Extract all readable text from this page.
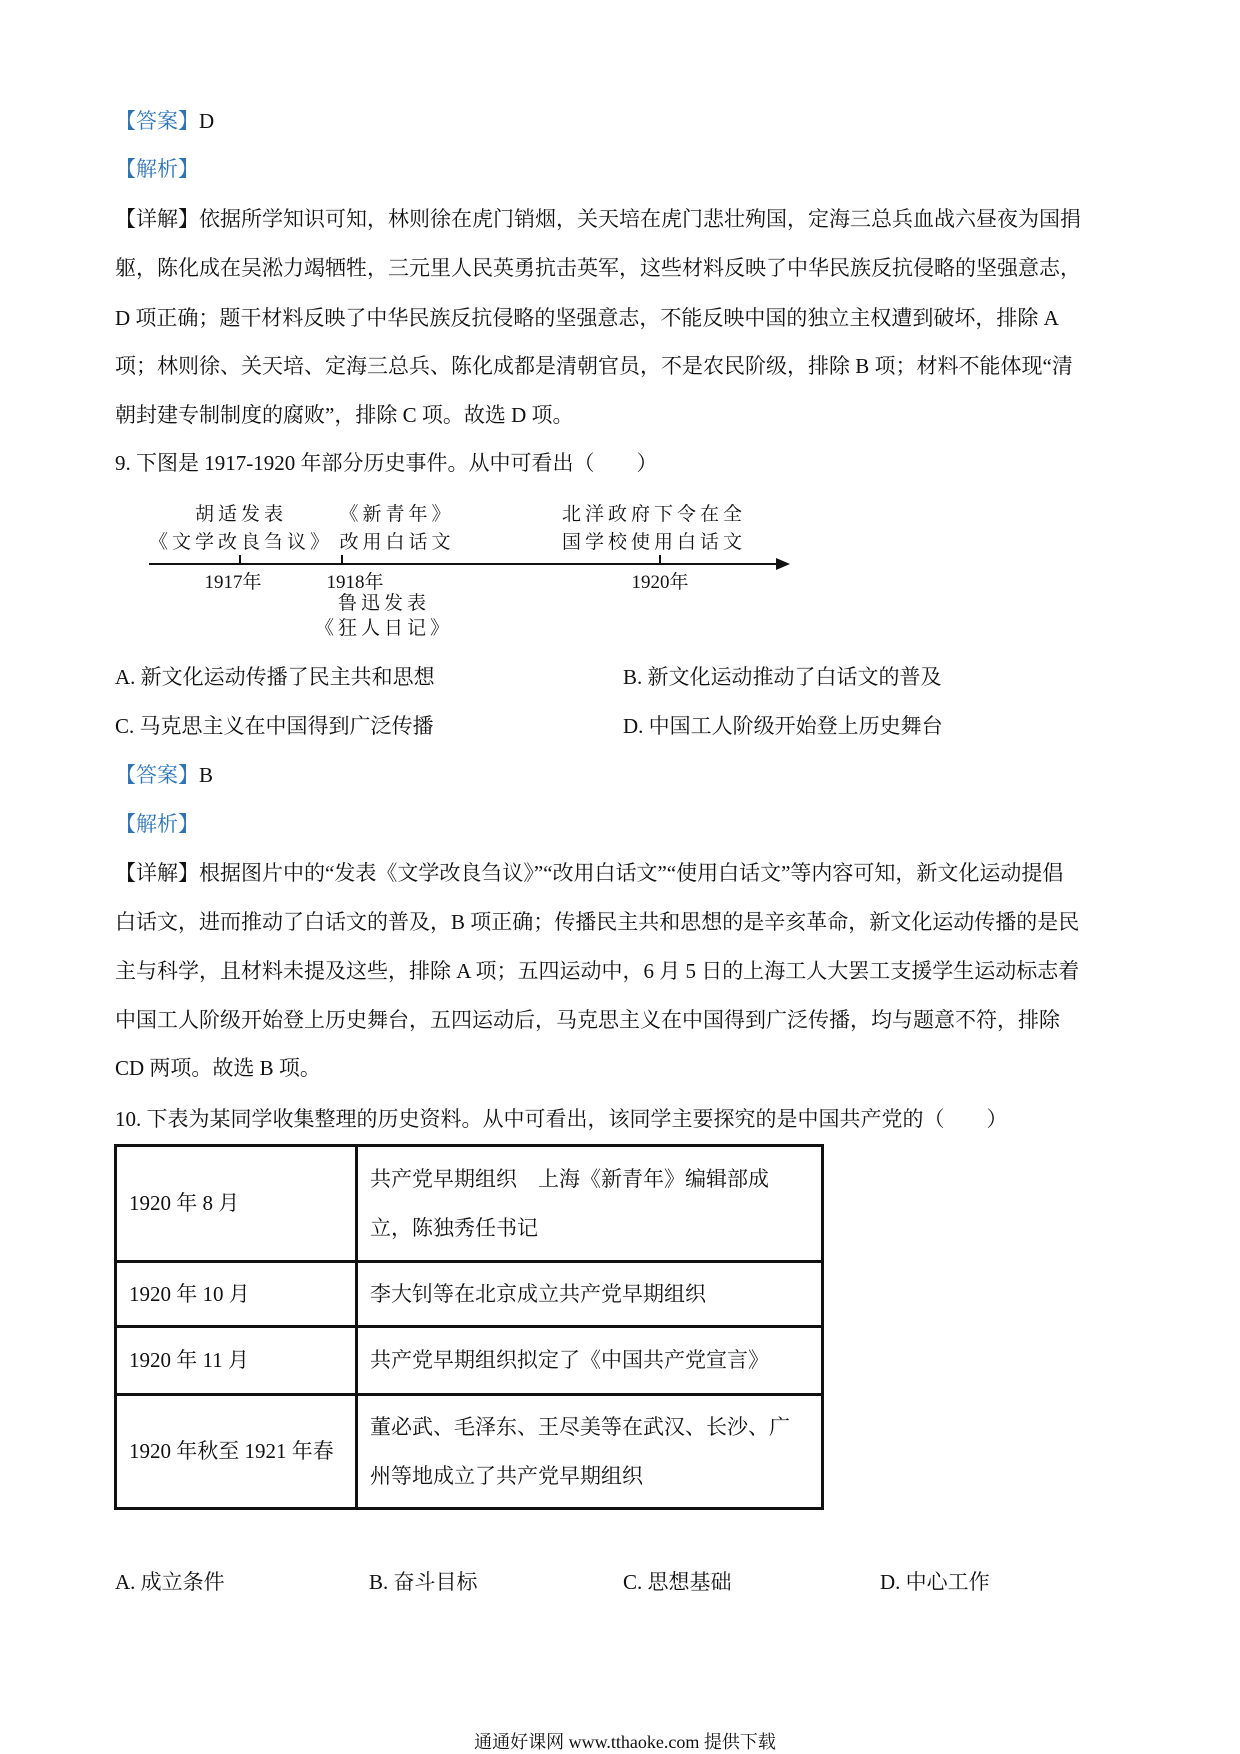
【答案】D
【解析】
【详解】依据所学知识可知，林则徐在虎门销烟，关天培在虎门悲壮殉国，定海三总兵血战六昼夜为国捐
躯，陈化成在吴淞力竭牺牲，三元里人民英勇抗击英军，这些材料反映了中华民族反抗侵略的坚强意志，
D 项正确；题干材料反映了中华民族反抗侵略的坚强意志，不能反映中国的独立主权遭到破坏，排除 A
项；林则徐、关天培、定海三总兵、陈化成都是清朝官员，不是农民阶级，排除 B 项；材料不能体现“清
朝封建专制制度的腐败”，排除 C 项。故选 D 项。
9. 下图是 1917-1920 年部分历史事件。从中可看出（　　）
胡适发表
《文学改良刍议》
《新青年》
改用白话文
北洋政府下令在全
国学校使用白话文
1917年	1918年	1920年
鲁迅发表
《狂人日记》
A. 新文化运动传播了民主共和思想	B. 新文化运动推动了白话文的普及
C. 马克思主义在中国得到广泛传播	D. 中国工人阶级开始登上历史舞台
【答案】B
【解析】
【详解】根据图片中的“发表《文学改良刍议》”“改用白话文”“使用白话文”等内容可知，新文化运动提倡
白话文，进而推动了白话文的普及，B 项正确；传播民主共和思想的是辛亥革命，新文化运动传播的是民
主与科学，且材料未提及这些，排除 A 项；五四运动中，6 月 5 日的上海工人大罢工支援学生运动标志着
中国工人阶级开始登上历史舞台，五四运动后，马克思主义在中国得到广泛传播，均与题意不符，排除
CD 两项。故选 B 项。
10. 下表为某同学收集整理的历史资料。从中可看出，该同学主要探究的是中国共产党的（　　）
1920 年 8 月	共产党早期组织　上海《新青年》编辑部成立，陈独秀任书记
1920 年 10 月	李大钊等在北京成立共产党早期组织
1920 年 11 月	共产党早期组织拟定了《中国共产党宣言》
1920 年秋至 1921 年春	董必武、毛泽东、王尽美等在武汉、长沙、广州等地成立了共产党早期组织
A. 成立条件	B. 奋斗目标	C. 思想基础	D. 中心工作
通通好课网 www.tthaoke.com 提供下载
